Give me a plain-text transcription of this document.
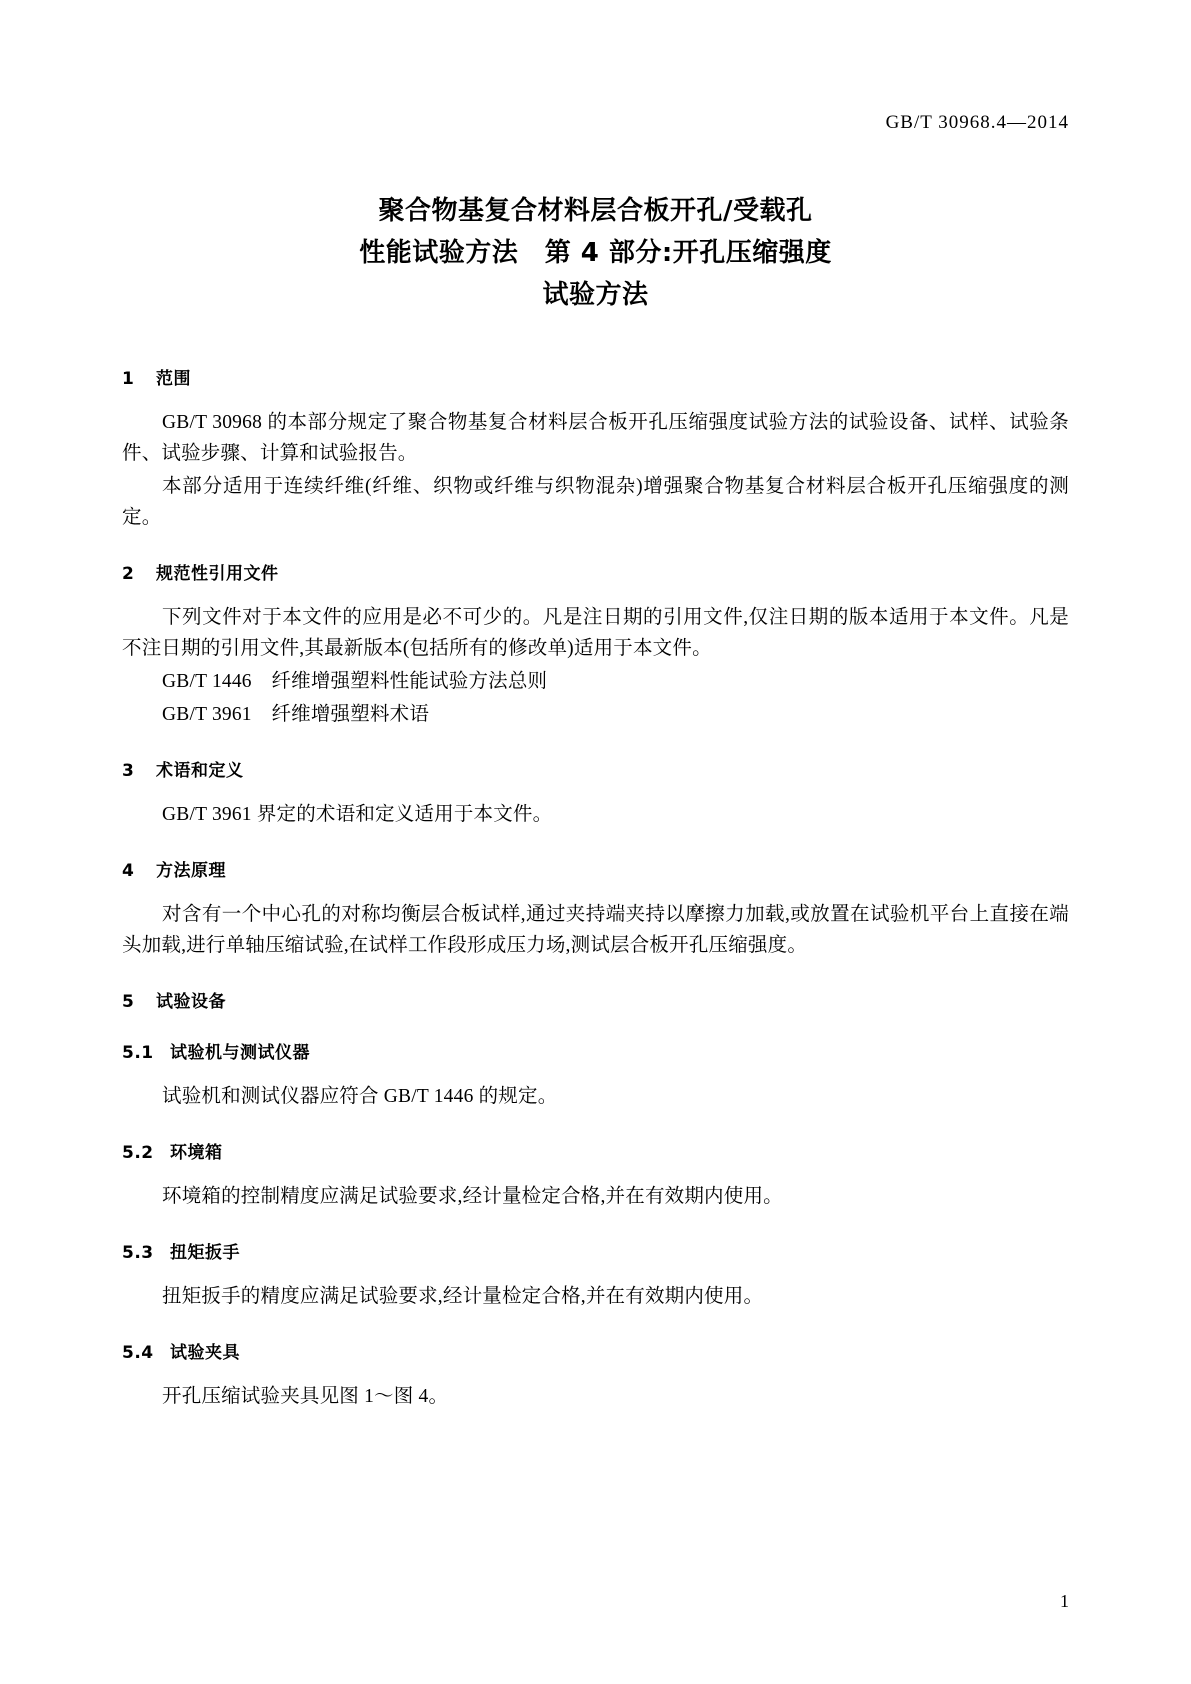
GB/T 30968.4—2014
聚合物基复合材料层合板开孔/受载孔
性能试验方法　第 4 部分:开孔压缩强度
试验方法
1 范围

GB/T 30968 的本部分规定了聚合物基复合材料层合板开孔压缩强度试验方法的试验设备、试样、试验条件、试验步骤、计算和试验报告。

本部分适用于连续纤维(纤维、织物或纤维与织物混杂)增强聚合物基复合材料层合板开孔压缩强度的测定。

2 规范性引用文件

下列文件对于本文件的应用是必不可少的。凡是注日期的引用文件,仅注日期的版本适用于本文件。凡是不注日期的引用文件,其最新版本(包括所有的修改单)适用于本文件。

GB/T 1446　纤维增强塑料性能试验方法总则

GB/T 3961　纤维增强塑料术语

3 术语和定义

GB/T 3961 界定的术语和定义适用于本文件。

4 方法原理

对含有一个中心孔的对称均衡层合板试样,通过夹持端夹持以摩擦力加载,或放置在试验机平台上直接在端头加载,进行单轴压缩试验,在试样工作段形成压力场,测试层合板开孔压缩强度。

5 试验设备
5.1 试验机与测试仪器

试验机和测试仪器应符合 GB/T 1446 的规定。

5.2 环境箱

环境箱的控制精度应满足试验要求,经计量检定合格,并在有效期内使用。

5.3 扭矩扳手

扭矩扳手的精度应满足试验要求,经计量检定合格,并在有效期内使用。

5.4 试验夹具

开孔压缩试验夹具见图 1～图 4。

1
